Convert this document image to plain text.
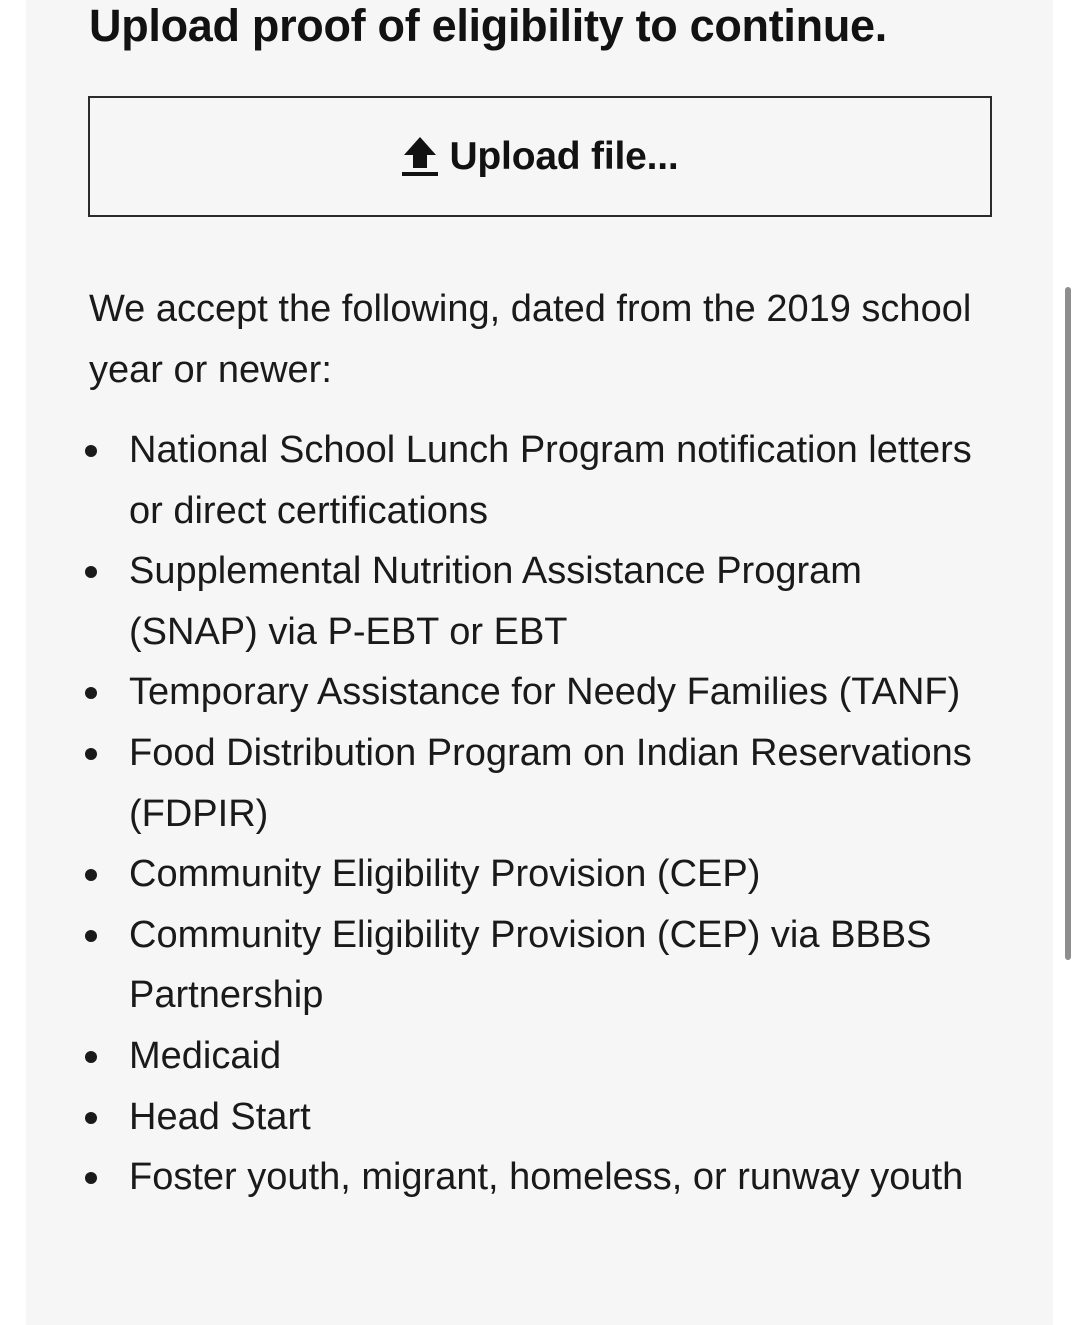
Upload proof of eligibility to continue.
Upload file...

We accept the following, dated from the 2019 school year or newer:

National School Lunch Program notification letters or direct certifications
Supplemental Nutrition Assistance Program (SNAP) via P-EBT or EBT
Temporary Assistance for Needy Families (TANF)
Food Distribution Program on Indian Reservations (FDPIR)
Community Eligibility Provision (CEP)
Community Eligibility Provision (CEP) via BBBS Partnership
Medicaid
Head Start
Foster youth, migrant, homeless, or runway youth
